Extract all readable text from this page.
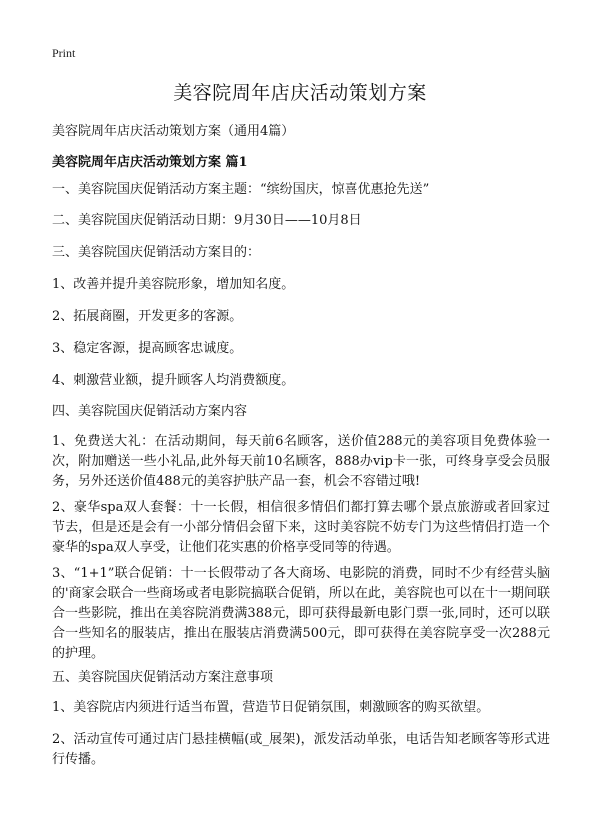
Print
美容院周年店庆活动策划方案

美容院周年店庆活动策划方案（通用4篇）

美容院周年店庆活动策划方案 篇1

一、美容院国庆促销活动方案主题：“缤纷国庆，惊喜优惠抢先送”

二、美容院国庆促销活动日期：9月30日——10月8日

三、美容院国庆促销活动方案目的：

1、改善并提升美容院形象，增加知名度。

2、拓展商圈，开发更多的客源。

3、稳定客源，提高顾客忠诚度。

4、刺激营业额，提升顾客人均消费额度。

四、美容院国庆促销活动方案内容

1、免费送大礼：在活动期间，每天前6名顾客，送价值288元的美容项目免费体验一次，附加赠送一些小礼品,此外每天前10名顾客，888办vip卡一张，可终身享受会员服务，另外还送价值488元的美容护肤产品一套，机会不容错过哦!

2、豪华spa双人套餐：十一长假，相信很多情侣们都打算去哪个景点旅游或者回家过节去，但是还是会有一小部分情侣会留下来，这时美容院不妨专门为这些情侣打造一个豪华的spa双人享受，让他们花实惠的价格享受同等的待遇。

3、“1+1”联合促销：十一长假带动了各大商场、电影院的消费，同时不少有经营头脑的'商家会联合一些商场或者电影院搞联合促销，所以在此，美容院也可以在十一期间联合一些影院，推出在美容院消费满388元，即可获得最新电影门票一张,同时，还可以联合一些知名的服装店，推出在服装店消费满500元，即可获得在美容院享受一次288元的护理。

五、美容院国庆促销活动方案注意事项

1、美容院店内须进行适当布置，营造节日促销氛围，刺激顾客的购买欲望。

2、活动宣传可通过店门悬挂横幅(或_展架)，派发活动单张，电话告知老顾客等形式进行传播。
